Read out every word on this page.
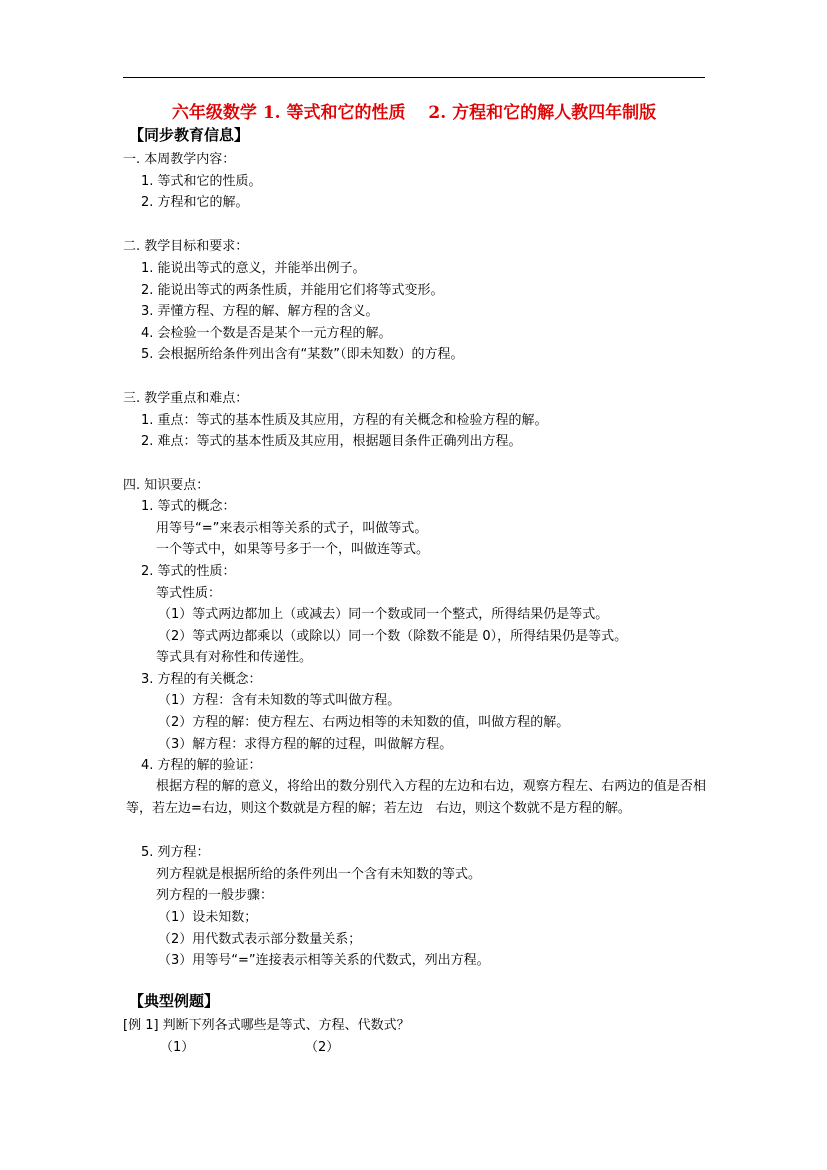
六年级数学 1. 等式和它的性质　 2. 方程和它的解人教四年制版
【同步教育信息】
一. 本周教学内容：
1. 等式和它的性质。
2. 方程和它的解。
二. 教学目标和要求：
1. 能说出等式的意义，并能举出例子。
2. 能说出等式的两条性质，并能用它们将等式变形。
3. 弄懂方程、方程的解、解方程的含义。
4. 会检验一个数是否是某个一元方程的解。
5. 会根据所给条件列出含有“某数”（即未知数）的方程。
三. 教学重点和难点：
1. 重点：等式的基本性质及其应用，方程的有关概念和检验方程的解。
2. 难点：等式的基本性质及其应用，根据题目条件正确列出方程。
四. 知识要点：
1. 等式的概念：
用等号“=”来表示相等关系的式子，叫做等式。
一个等式中，如果等号多于一个，叫做连等式。
2. 等式的性质：
等式性质：
（1）等式两边都加上（或减去）同一个数或同一个整式，所得结果仍是等式。
（2）等式两边都乘以（或除以）同一个数（除数不能是 0），所得结果仍是等式。
等式具有对称性和传递性。
3. 方程的有关概念：
（1）方程：含有未知数的等式叫做方程。
（2）方程的解：使方程左、右两边相等的未知数的值，叫做方程的解。
（3）解方程：求得方程的解的过程，叫做解方程。
4. 方程的解的验证：
根据方程的解的意义，将给出的数分别代入方程的左边和右边，观察方程左、右两边的值是否相等，若左边=右边，则这个数就是方程的解；若左边　右边，则这个数就不是方程的解。
5. 列方程：
列方程就是根据所给的条件列出一个含有未知数的等式。
列方程的一般步骤：
（1）设未知数；
（2）用代数式表示部分数量关系；
（3）用等号“=”连接表示相等关系的代数式，列出方程。
【典型例题】
[例 1] 判断下列各式哪些是等式、方程、代数式？
（1）	（2）
